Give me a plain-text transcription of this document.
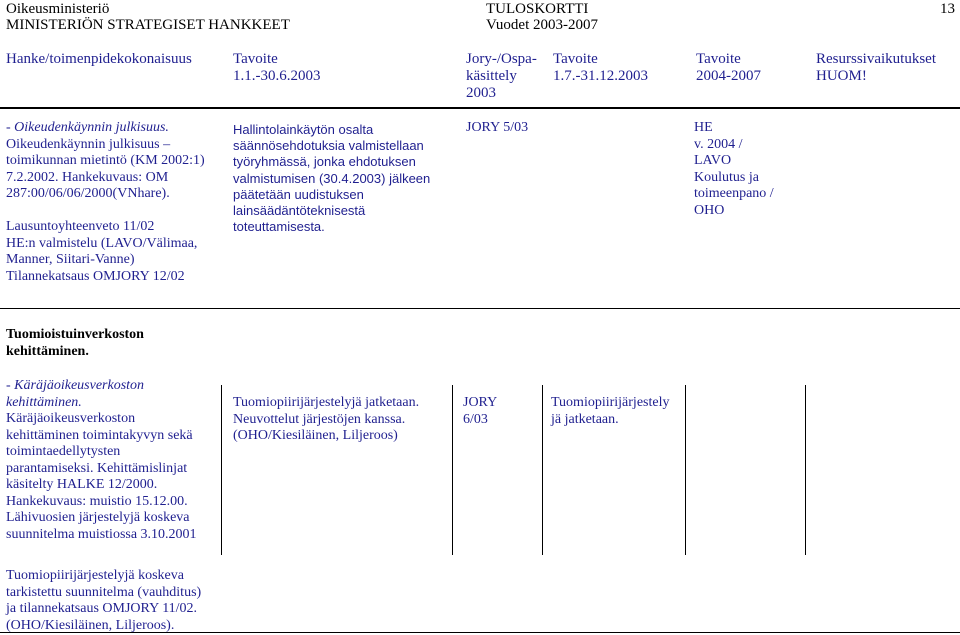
Oikeusministeriö
MINISTERIÖN STRATEGISET HANKKEET
TULOSKORTTI
Vuodet 2003-2007
13
Hanke/toimenpidekokonaisuus	Tavoite
1.1.-30.6.2003
Jory-/Ospa-
käsittely
2003
Tavoite
1.7.-31.12.2003
Tavoite
2004-2007
Resurssivaikutukset
HUOM!
- Oikeudenkäynnin julkisuus.
Oikeudenkäynnin julkisuus –
toimikunnan mietintö (KM 2002:1)
7.2.2002. Hankekuvaus: OM
287:00/06/06/2000(VNhare).
Lausuntoyhteenveto 11/02
HE:n valmistelu (LAVO/Välimaa,
Manner, Siitari-Vanne)
Tilannekatsaus OMJORY 12/02
Hallintolainkäytön osalta
säännösehdotuksia valmistellaan
työryhmässä, jonka ehdotuksen
valmistumisen (30.4.2003) jälkeen
päätetään uudistuksen
lainsäädäntöteknisestä
toteuttamisesta.
JORY 5/03	HE
v. 2004 /
LAVO
Koulutus ja
toimeenpano /
OHO
Tuomioistuinverkoston
kehittäminen.
- Käräjäoikeusverkoston
kehittäminen.
Käräjäoikeusverkoston
kehittäminen toimintakyvyn sekä
toimintaedellytysten
parantamiseksi. Kehittämislinjat
käsitelty HALKE 12/2000.
Hankekuvaus: muistio 15.12.00.
Lähivuosien järjestelyjä koskeva
suunnitelma muistiossa 3.10.2001
Tuomiopiirijärjestelyjä jatketaan.
Neuvottelut järjestöjen kanssa.
(OHO/Kiesiläinen, Liljeroos)
JORY
6/03
Tuomiopiirijärjestely
jä jatketaan.
Tuomiopiirijärjestelyjä koskeva
tarkistettu suunnitelma (vauhditus)
ja tilannekatsaus OMJORY 11/02.
(OHO/Kiesiläinen, Liljeroos).
